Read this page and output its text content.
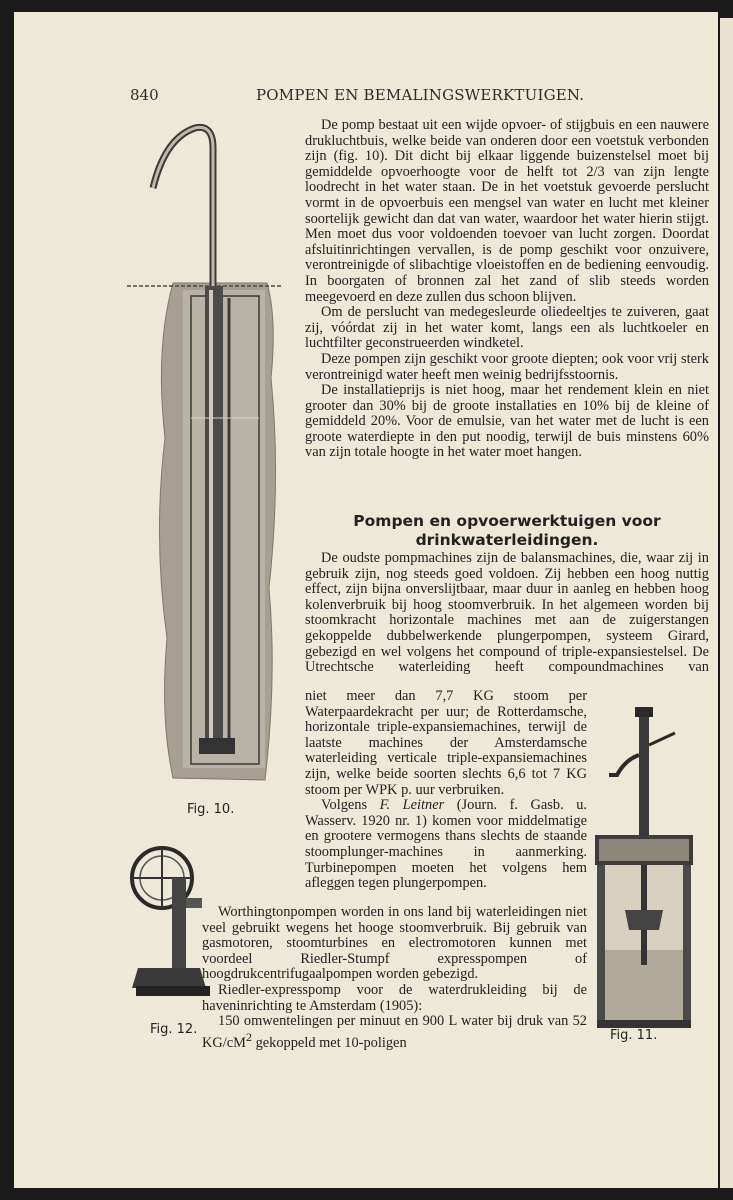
840	POMPEN EN BEMALINGSWERKTUIGEN.
Fig. 10.
Fig. 12.	Fig. 11.

De pomp bestaat uit een wijde opvoer- of stijgbuis en een nauwere drukluchtbuis, welke beide van onderen door een voetstuk verbonden zijn (fig. 10). Dit dicht bij elkaar liggende buizenstelsel moet bij gemiddelde opvoerhoogte voor de helft tot 2/3 van zijn lengte loodrecht in het water staan. De in het voetstuk gevoerde perslucht vormt in de opvoerbuis een mengsel van water en lucht met kleiner soortelijk gewicht dan dat van water, waardoor het water hierin stijgt. Men moet dus voor voldoenden toevoer van lucht zorgen. Doordat afsluitinrichtingen vervallen, is de pomp geschikt voor onzuivere, verontreinigde of slibachtige vloeistoffen en de bediening eenvoudig. In boorgaten of bronnen zal het zand of slib steeds worden meegevoerd en deze zullen dus schoon blijven.

Om de perslucht van medegesleurde oliedeeltjes te zuiveren, gaat zij, vóórdat zij in het water komt, langs een als luchtkoeler en luchtfilter geconstrueerden windketel.

Deze pompen zijn geschikt voor groote diepten; ook voor vrij sterk verontreinigd water heeft men weinig bedrijfsstoornis.

De installatieprijs is niet hoog, maar het rendement klein en niet grooter dan 30% bij de groote installaties en 10% bij de kleine of gemiddeld 20%. Voor de emulsie, van het water met de lucht is een groote waterdiepte in den put noodig, terwijl de buis minstens 60% van zijn totale hoogte in het water moet hangen.

Pompen en opvoerwerktuigen voor drinkwaterleidingen.

De oudste pompmachines zijn de balansmachines, die, waar zij in gebruik zijn, nog steeds goed voldoen. Zij hebben een hoog nuttig effect, zijn bijna onverslijtbaar, maar duur in aanleg en hebben hoog kolenverbruik bij hoog stoomverbruik. In het algemeen worden bij stoomkracht horizontale machines met aan de zuigerstangen gekoppelde dubbelwerkende plungerpompen, systeem Girard, gebezigd en wel volgens het compound of triple-expansiestelsel. De Utrechtsche waterleiding heeft compoundmachines van

niet meer dan 7,7 KG stoom per Waterpaardekracht per uur; de Rotterdamsche, horizontale triple-expansiemachines, terwijl de laatste machines der Amsterdamsche waterleiding verticale triple-expansiemachines zijn, welke beide soorten slechts 6,6 tot 7 KG stoom per WPK p. uur verbruiken.

Volgens F. Leitner (Journ. f. Gasb. u. Wasserv. 1920 nr. 1) komen voor middelmatige en grootere vermogens thans slechts de staande stoomplunger-machines in aanmerking. Turbinepompen moeten het volgens hem afleggen tegen plungerpompen.

Worthingtonpompen worden in ons land bij waterleidingen niet veel gebruikt wegens het hooge stoomverbruik. Bij gebruik van gasmotoren, stoomturbines en electromotoren kunnen met voordeel Riedler-Stumpf expresspompen of hoogdrukcentrifugaalpompen worden gebezigd.

Riedler-expresspomp voor de waterdrukleiding bij de haveninrichting te Amsterdam (1905):

150 omwentelingen per minuut en 900 L water bij druk van 52 $KG/cM^2$ gekoppeld met 10-poligen
